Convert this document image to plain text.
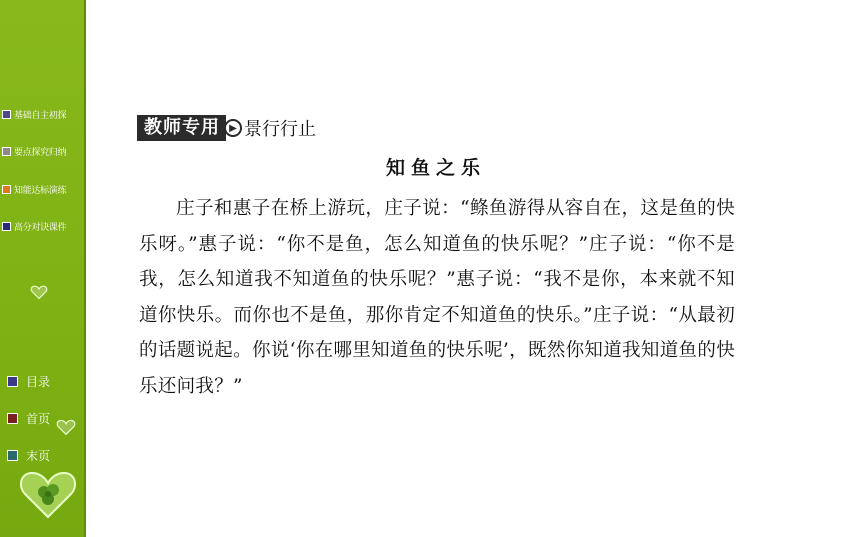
基础自主初探
要点探究归纳
知能达标演练
高分对诀课件
目录
首页
末页
教师专用 ▶ 景行行止
知鱼之乐

庄子和惠子在桥上游玩，庄子说：“鲦鱼游得从容自在，这是鱼的快乐呀。”惠子说：“你不是鱼，怎么知道鱼的快乐呢？”庄子说：“你不是我，怎么知道我不知道鱼的快乐呢？”惠子说：“我不是你，本来就不知道你快乐。而你也不是鱼，那你肯定不知道鱼的快乐。”庄子说：“从最初的话题说起。你说‘你在哪里知道鱼的快乐呢’，既然你知道我知道鱼的快乐还问我？”
